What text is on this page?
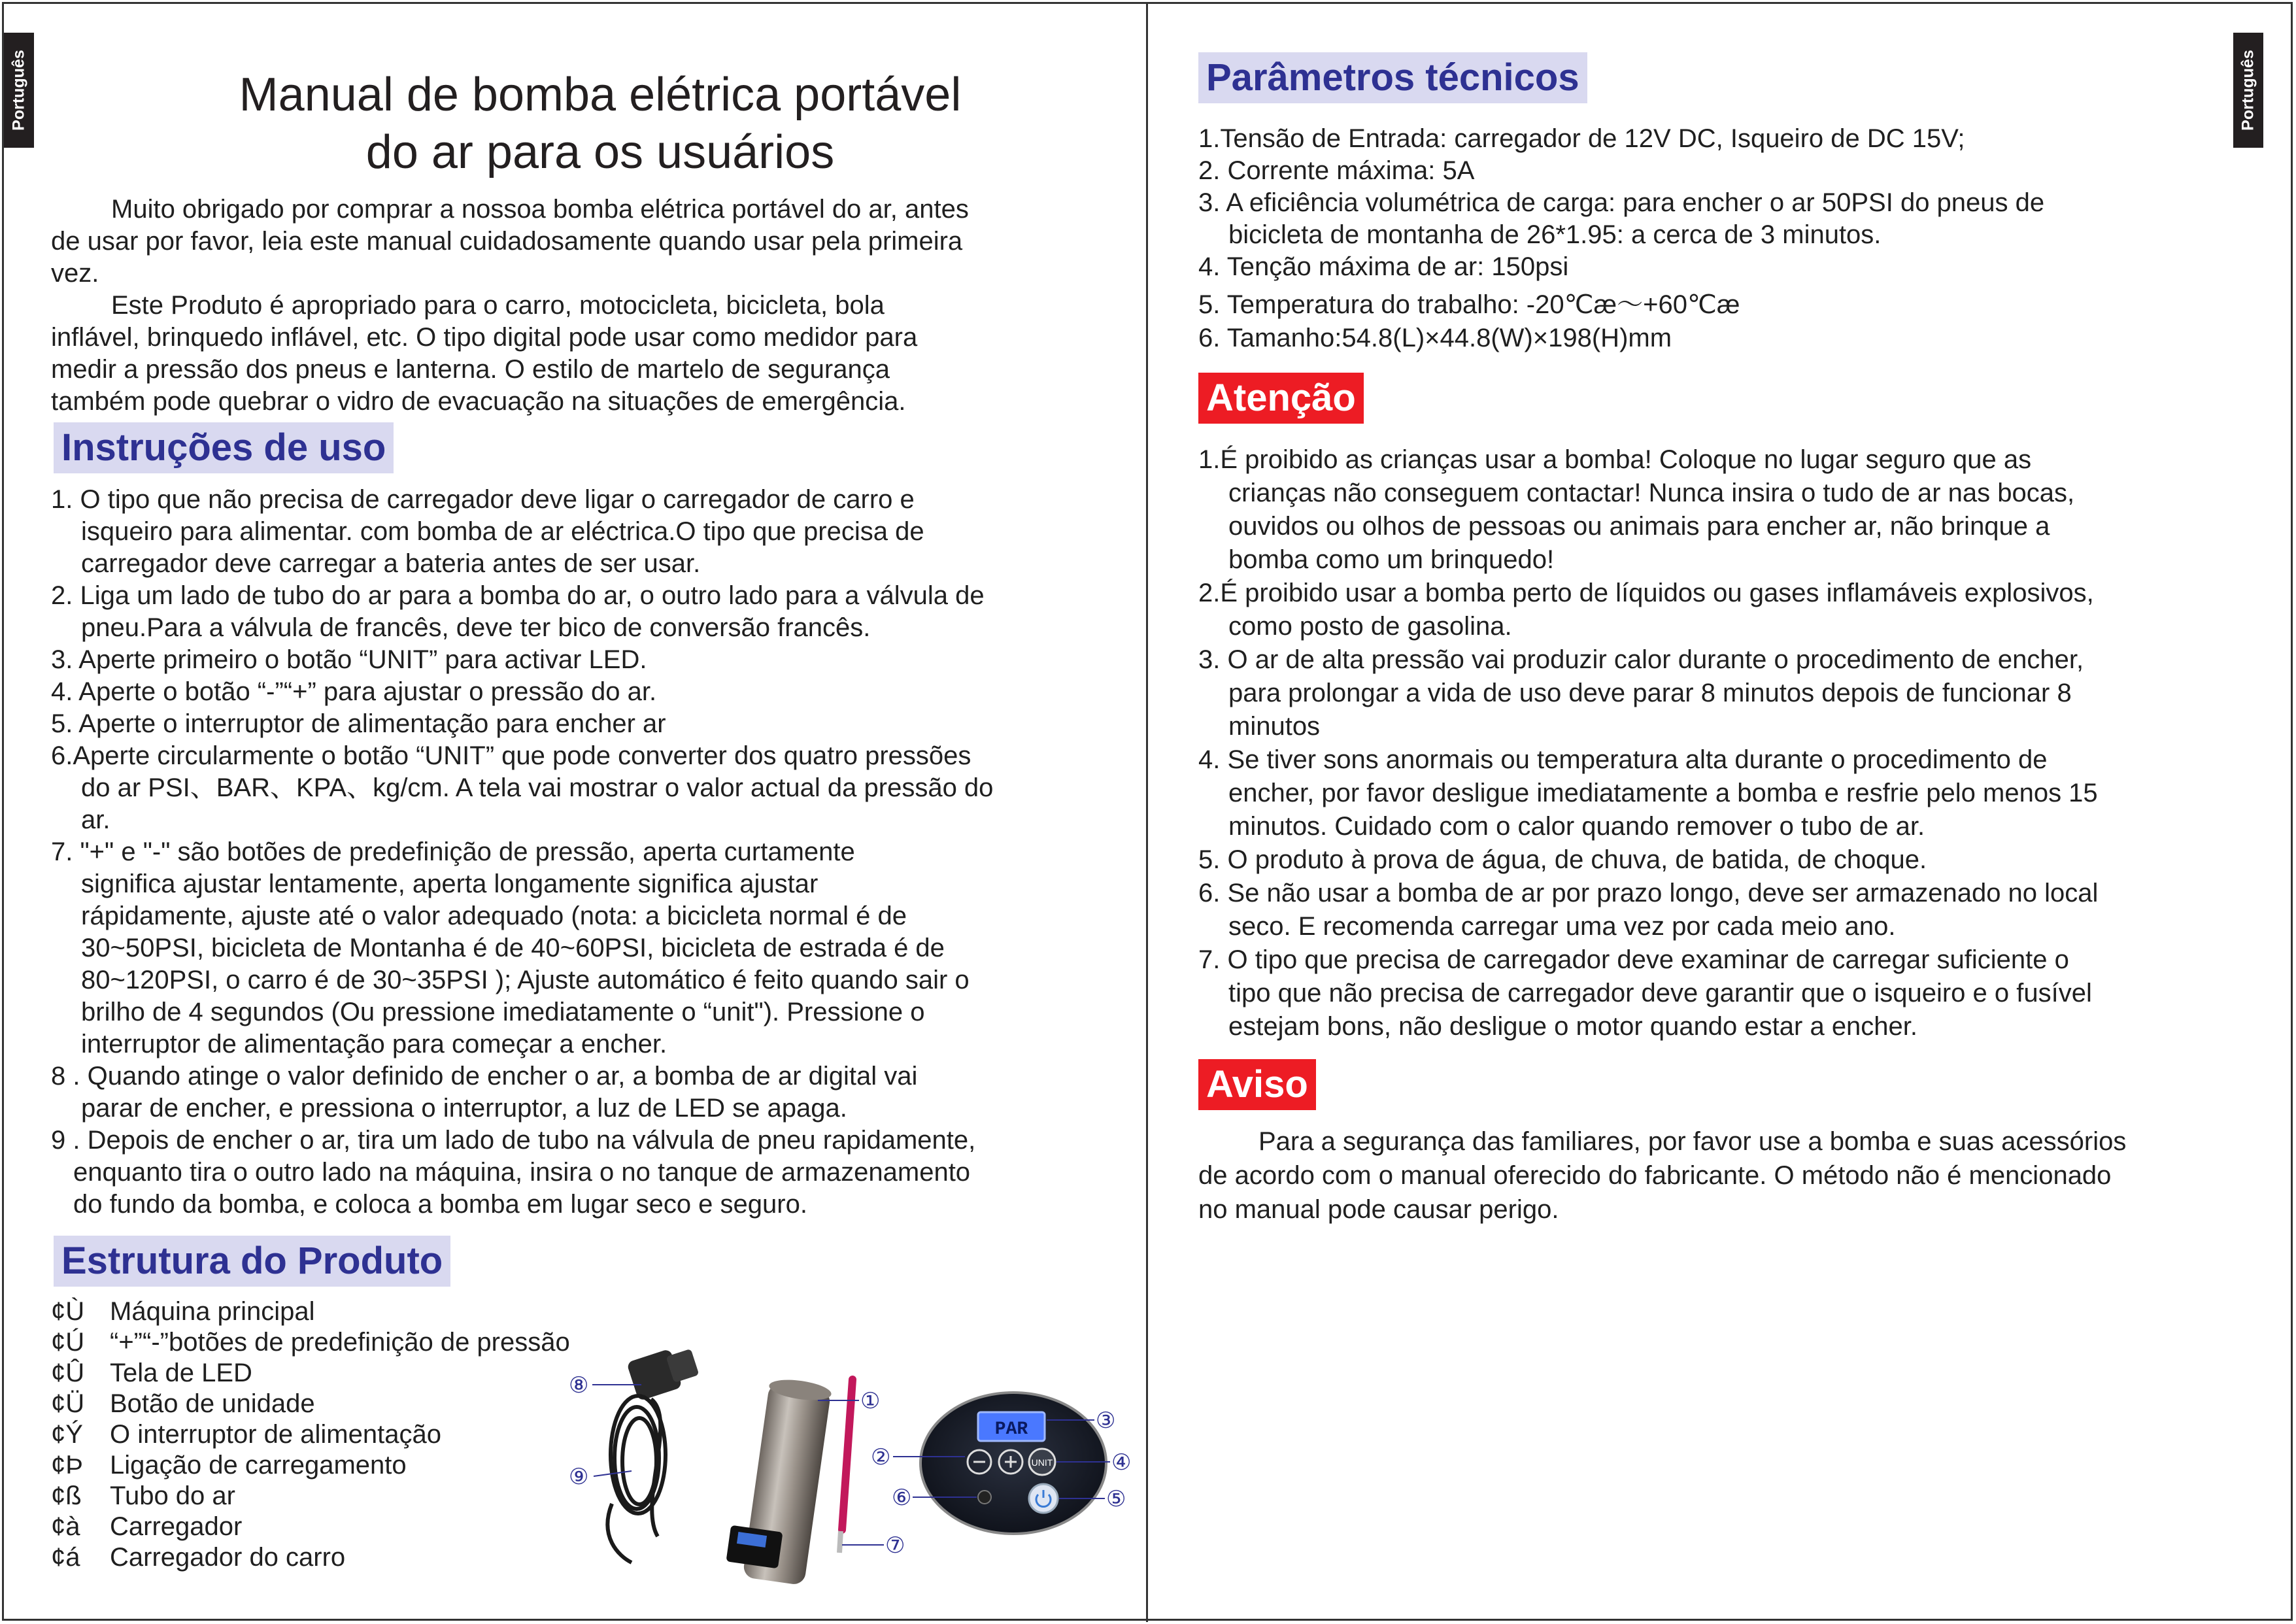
Português	Português
Manual de bomba elétrica portável
do ar para os usuários
Muito obrigado por comprar a nossoa bomba elétrica portável do ar, antes
de usar por favor, leia este manual cuidadosamente quando usar pela primeira
vez.
Este Produto é apropriado para o carro, motocicleta, bicicleta, bola
inflável, brinquedo inflável, etc. O tipo digital pode usar como medidor para
medir a pressão dos pneus e lanterna. O estilo de martelo de segurança
também pode quebrar o vidro de evacuação na situações de emergência.
Instruções de uso
1. O tipo que não precisa de carregador deve ligar o carregador de carro e
isqueiro para alimentar. com bomba de ar eléctrica.O tipo que precisa de
carregador deve carregar a bateria antes de ser usar.
2. Liga um lado de tubo do ar para a bomba do ar, o outro lado para a válvula de
pneu.Para a válvula de francês, deve ter bico de conversão francês.
3. Aperte primeiro o botão “UNIT” para activar LED.
4. Aperte o botão “-”“+” para ajustar o pressão do ar.
5. Aperte o interruptor de alimentação para encher ar
6.Aperte circularmente o botão “UNIT” que pode converter dos quatro pressões
do ar PSI、BAR、KPA、kg/cm. A tela vai mostrar o valor actual da pressão do
ar.
7. "+" e "-" são botões de predefinição de pressão, aperta curtamente
significa ajustar lentamente, aperta longamente significa ajustar
rápidamente, ajuste até o valor adequado (nota: a bicicleta normal é de
30~50PSI, bicicleta de Montanha é de 40~60PSI, bicicleta de estrada é de
80~120PSI, o carro é de 30~35PSI ); Ajuste automático é feito quando sair o
brilho de 4 segundos (Ou pressione imediatamente o “unit"). Pressione o
interruptor de alimentação para começar a encher.
8 . Quando atinge o valor definido de encher o ar, a bomba de ar digital vai
parar de encher, e pressiona o interruptor, a luz de LED se apaga.
9 . Depois de encher o ar, tira um lado de tubo na válvula de pneu rapidamente,
enquanto tira o outro lado na máquina, insira o no tanque de armazenamento
do fundo da bomba, e coloca a bomba em lugar seco e seguro.
Estrutura do Produto
¢Ù Máquina principal
¢Ú “+”“-”botões de predefinição de pressão
¢Û Tela de LED
¢Ü Botão de unidade
¢Ý O interruptor de alimentação
¢Þ Ligação de carregamento
¢ß Tubo do ar
¢à Carregador
¢á Carregador do carro
PAR
UNIT
⑧
⑨
①
②
③
④
⑤
⑥
⑦
Parâmetros técnicos
1.Tensão de Entrada: carregador de 12V DC, Isqueiro de DC 15V;
2. Corrente máxima: 5A
3. A eficiência volumétrica de carga: para encher o ar 50PSI do pneus de
bicicleta de montanha de 26*1.95: a cerca de 3 minutos.
4. Tenção máxima de ar: 150psi
5. Temperatura do trabalho: -20℃æ～+60℃æ
6. Tamanho:54.8(L)×44.8(W)×198(H)mm
Atenção
1.É proibido as crianças usar a bomba! Coloque no lugar seguro que as
crianças não conseguem contactar! Nunca insira o tudo de ar nas bocas,
ouvidos ou olhos de pessoas ou animais para encher ar, não brinque a
bomba como um brinquedo!
2.É proibido usar a bomba perto de líquidos ou gases inflamáveis explosivos,
como posto de gasolina.
3. O ar de alta pressão vai produzir calor durante o procedimento de encher,
para prolongar a vida de uso deve parar 8 minutos depois de funcionar 8
minutos
4. Se tiver sons anormais ou temperatura alta durante o procedimento de
encher, por favor desligue imediatamente a bomba e resfrie pelo menos 15
minutos. Cuidado com o calor quando remover o tubo de ar.
5. O produto à prova de água, de chuva, de batida, de choque.
6. Se não usar a bomba de ar por prazo longo, deve ser armazenado no local
seco. E recomenda carregar uma vez por cada meio ano.
7. O tipo que precisa de carregador deve examinar de carregar suficiente o
tipo que não precisa de carregador deve garantir que o isqueiro e o fusível
estejam bons, não desligue o motor quando estar a encher.
Aviso
Para a segurança das familiares, por favor use a bomba e suas acessórios
de acordo com o manual oferecido do fabricante. O método não é mencionado
no manual pode causar perigo.
